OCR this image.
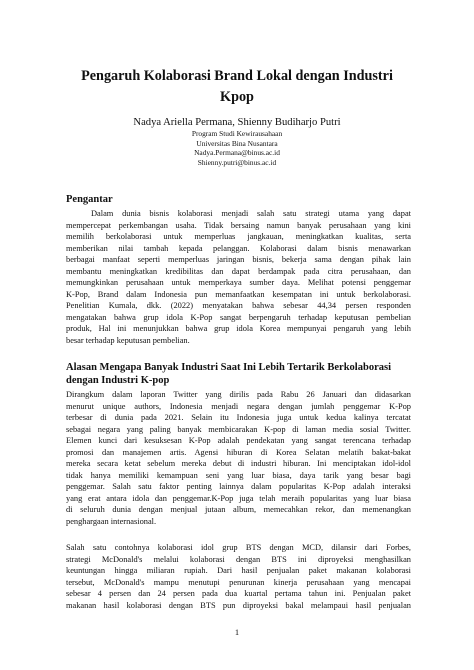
Pengaruh Kolaborasi Brand Lokal dengan Industri
Kpop
Nadya Ariella Permana, Shienny Budiharjo Putri
Program Studi Kewirausahaan
Universitas Bina Nusantara
Nadya.Permana@binus.ac.id
Shienny.putri@binus.ac.id
Pengantar
Dalam dunia bisnis kolaborasi menjadi salah satu strategi utama yang dapat
mempercepat perkembangan usaha. Tidak bersaing namun banyak perusahaan yang kini
memilih berkolaborasi untuk memperluas jangkauan, meningkatkan kualitas, serta
memberikan nilai tambah kepada pelanggan. Kolaborasi dalam bisnis menawarkan
berbagai manfaat seperti memperluas jaringan bisnis, bekerja sama dengan pihak lain
membantu meningkatkan kredibilitas dan dapat berdampak pada citra perusahaan, dan
memungkinkan perusahaan untuk memperkaya sumber daya. Melihat potensi penggemar
K-Pop, Brand dalam Indonesia pun memanfaatkan kesempatan ini untuk berkolaborasi.
Penelitian Kumala, dkk. (2022) menyatakan bahwa sebesar 44,34 persen responden
mengatakan bahwa grup idola K-Pop sangat berpengaruh terhadap keputusan pembelian
produk, Hal ini menunjukkan bahwa grup idola Korea mempunyai pengaruh yang lebih
besar terhadap keputusan pembelian.
Alasan Mengapa Banyak Industri Saat Ini Lebih Tertarik Berkolaborasi
dengan Industri K-pop
Dirangkum dalam laporan Twitter yang dirilis pada Rabu 26 Januari dan didasarkan
menurut unique authors, Indonesia menjadi negara dengan jumlah penggemar K-Pop
terbesar di dunia pada 2021. Selain itu Indonesia juga untuk kedua kalinya tercatat
sebagai negara yang paling banyak membicarakan K-pop di laman media sosial Twitter.
Elemen kunci dari kesuksesan K-Pop adalah pendekatan yang sangat terencana terhadap
promosi dan manajemen artis. Agensi hiburan di Korea Selatan melatih bakat-bakat
mereka secara ketat sebelum mereka debut di industri hiburan. Ini menciptakan idol-idol
tidak hanya memiliki kemampuan seni yang luar biasa, daya tarik yang besar bagi
penggemar. Salah satu faktor penting lainnya dalam popularitas K-Pop adalah interaksi
yang erat antara idola dan penggemar.K-Pop juga telah meraih popularitas yang luar biasa
di seluruh dunia dengan menjual jutaan album, memecahkan rekor, dan memenangkan
penghargaan internasional.
Salah satu contohnya kolaborasi idol grup BTS dengan MCD, dilansir dari Forbes,
strategi McDonald's melalui kolaborasi dengan BTS ini diproyeksi menghasilkan
keuntungan hingga miliaran rupiah. Dari hasil penjualan paket makanan kolaborasi
tersebut, McDonald's mampu menutupi penurunan kinerja perusahaan yang mencapai
sebesar 4 persen dan 24 persen pada dua kuartal pertama tahun ini. Penjualan paket
makanan hasil kolaborasi dengan BTS pun diproyeksi bakal melampaui hasil penjualan
1
